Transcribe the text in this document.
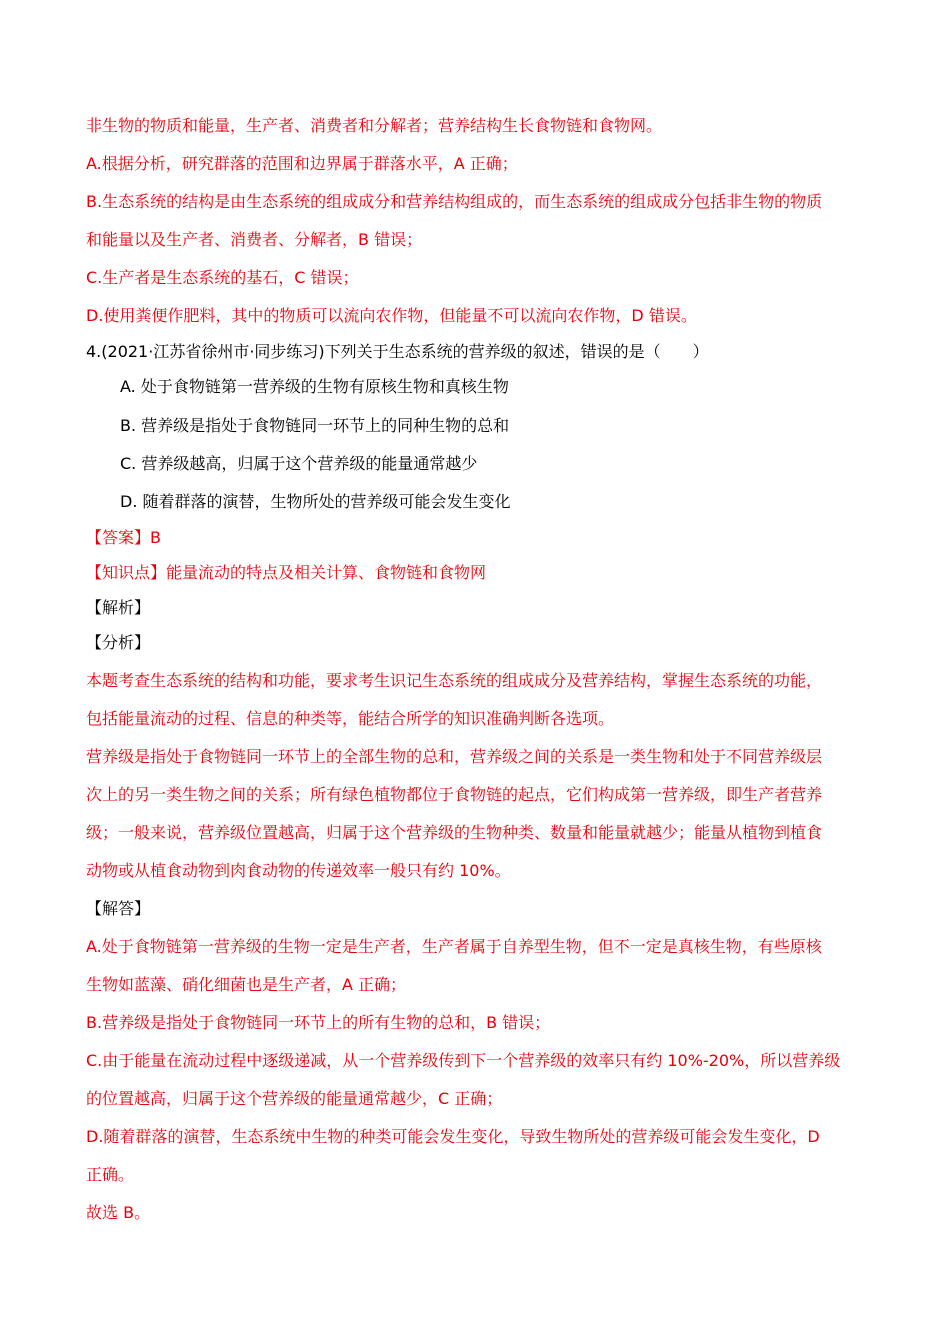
非生物的物质和能量，生产者、消费者和分解者；营养结构生长食物链和食物网。
A.根据分析，研究群落的范围和边界属于群落水平，A 正确；
B.生态系统的结构是由生态系统的组成成分和营养结构组成的，而生态系统的组成成分包括非生物的物质
和能量以及生产者、消费者、分解者，B 错误；
C.生产者是生态系统的基石，C 错误；
D.使用粪便作肥料，其中的物质可以流向农作物，但能量不可以流向农作物，D 错误。
4.(2021·江苏省徐州市·同步练习)下列关于生态系统的营养级的叙述，错误的是（　　）
A. 处于食物链第一营养级的生物有原核生物和真核生物
B. 营养级是指处于食物链同一环节上的同种生物的总和
C. 营养级越高，归属于这个营养级的能量通常越少
D. 随着群落的演替，生物所处的营养级可能会发生变化
【答案】B
【知识点】能量流动的特点及相关计算、食物链和食物网
【解析】
【分析】
本题考查生态系统的结构和功能，要求考生识记生态系统的组成成分及营养结构，掌握生态系统的功能，
包括能量流动的过程、信息的种类等，能结合所学的知识准确判断各选项。
营养级是指处于食物链同一环节上的全部生物的总和，营养级之间的关系是一类生物和处于不同营养级层
次上的另一类生物之间的关系；所有绿色植物都位于食物链的起点，它们构成第一营养级，即生产者营养
级；一般来说，营养级位置越高，归属于这个营养级的生物种类、数量和能量就越少；能量从植物到植食
动物或从植食动物到肉食动物的传递效率一般只有约 10%。
【解答】
A.处于食物链第一营养级的生物一定是生产者，生产者属于自养型生物，但不一定是真核生物，有些原核
生物如蓝藻、硝化细菌也是生产者，A 正确；
B.营养级是指处于食物链同一环节上的所有生物的总和，B 错误；
C.由于能量在流动过程中逐级递减，从一个营养级传到下一个营养级的效率只有约 10%-20%，所以营养级
的位置越高，归属于这个营养级的能量通常越少，C 正确；
D.随着群落的演替，生态系统中生物的种类可能会发生变化，导致生物所处的营养级可能会发生变化，D
正确。
故选 B。
